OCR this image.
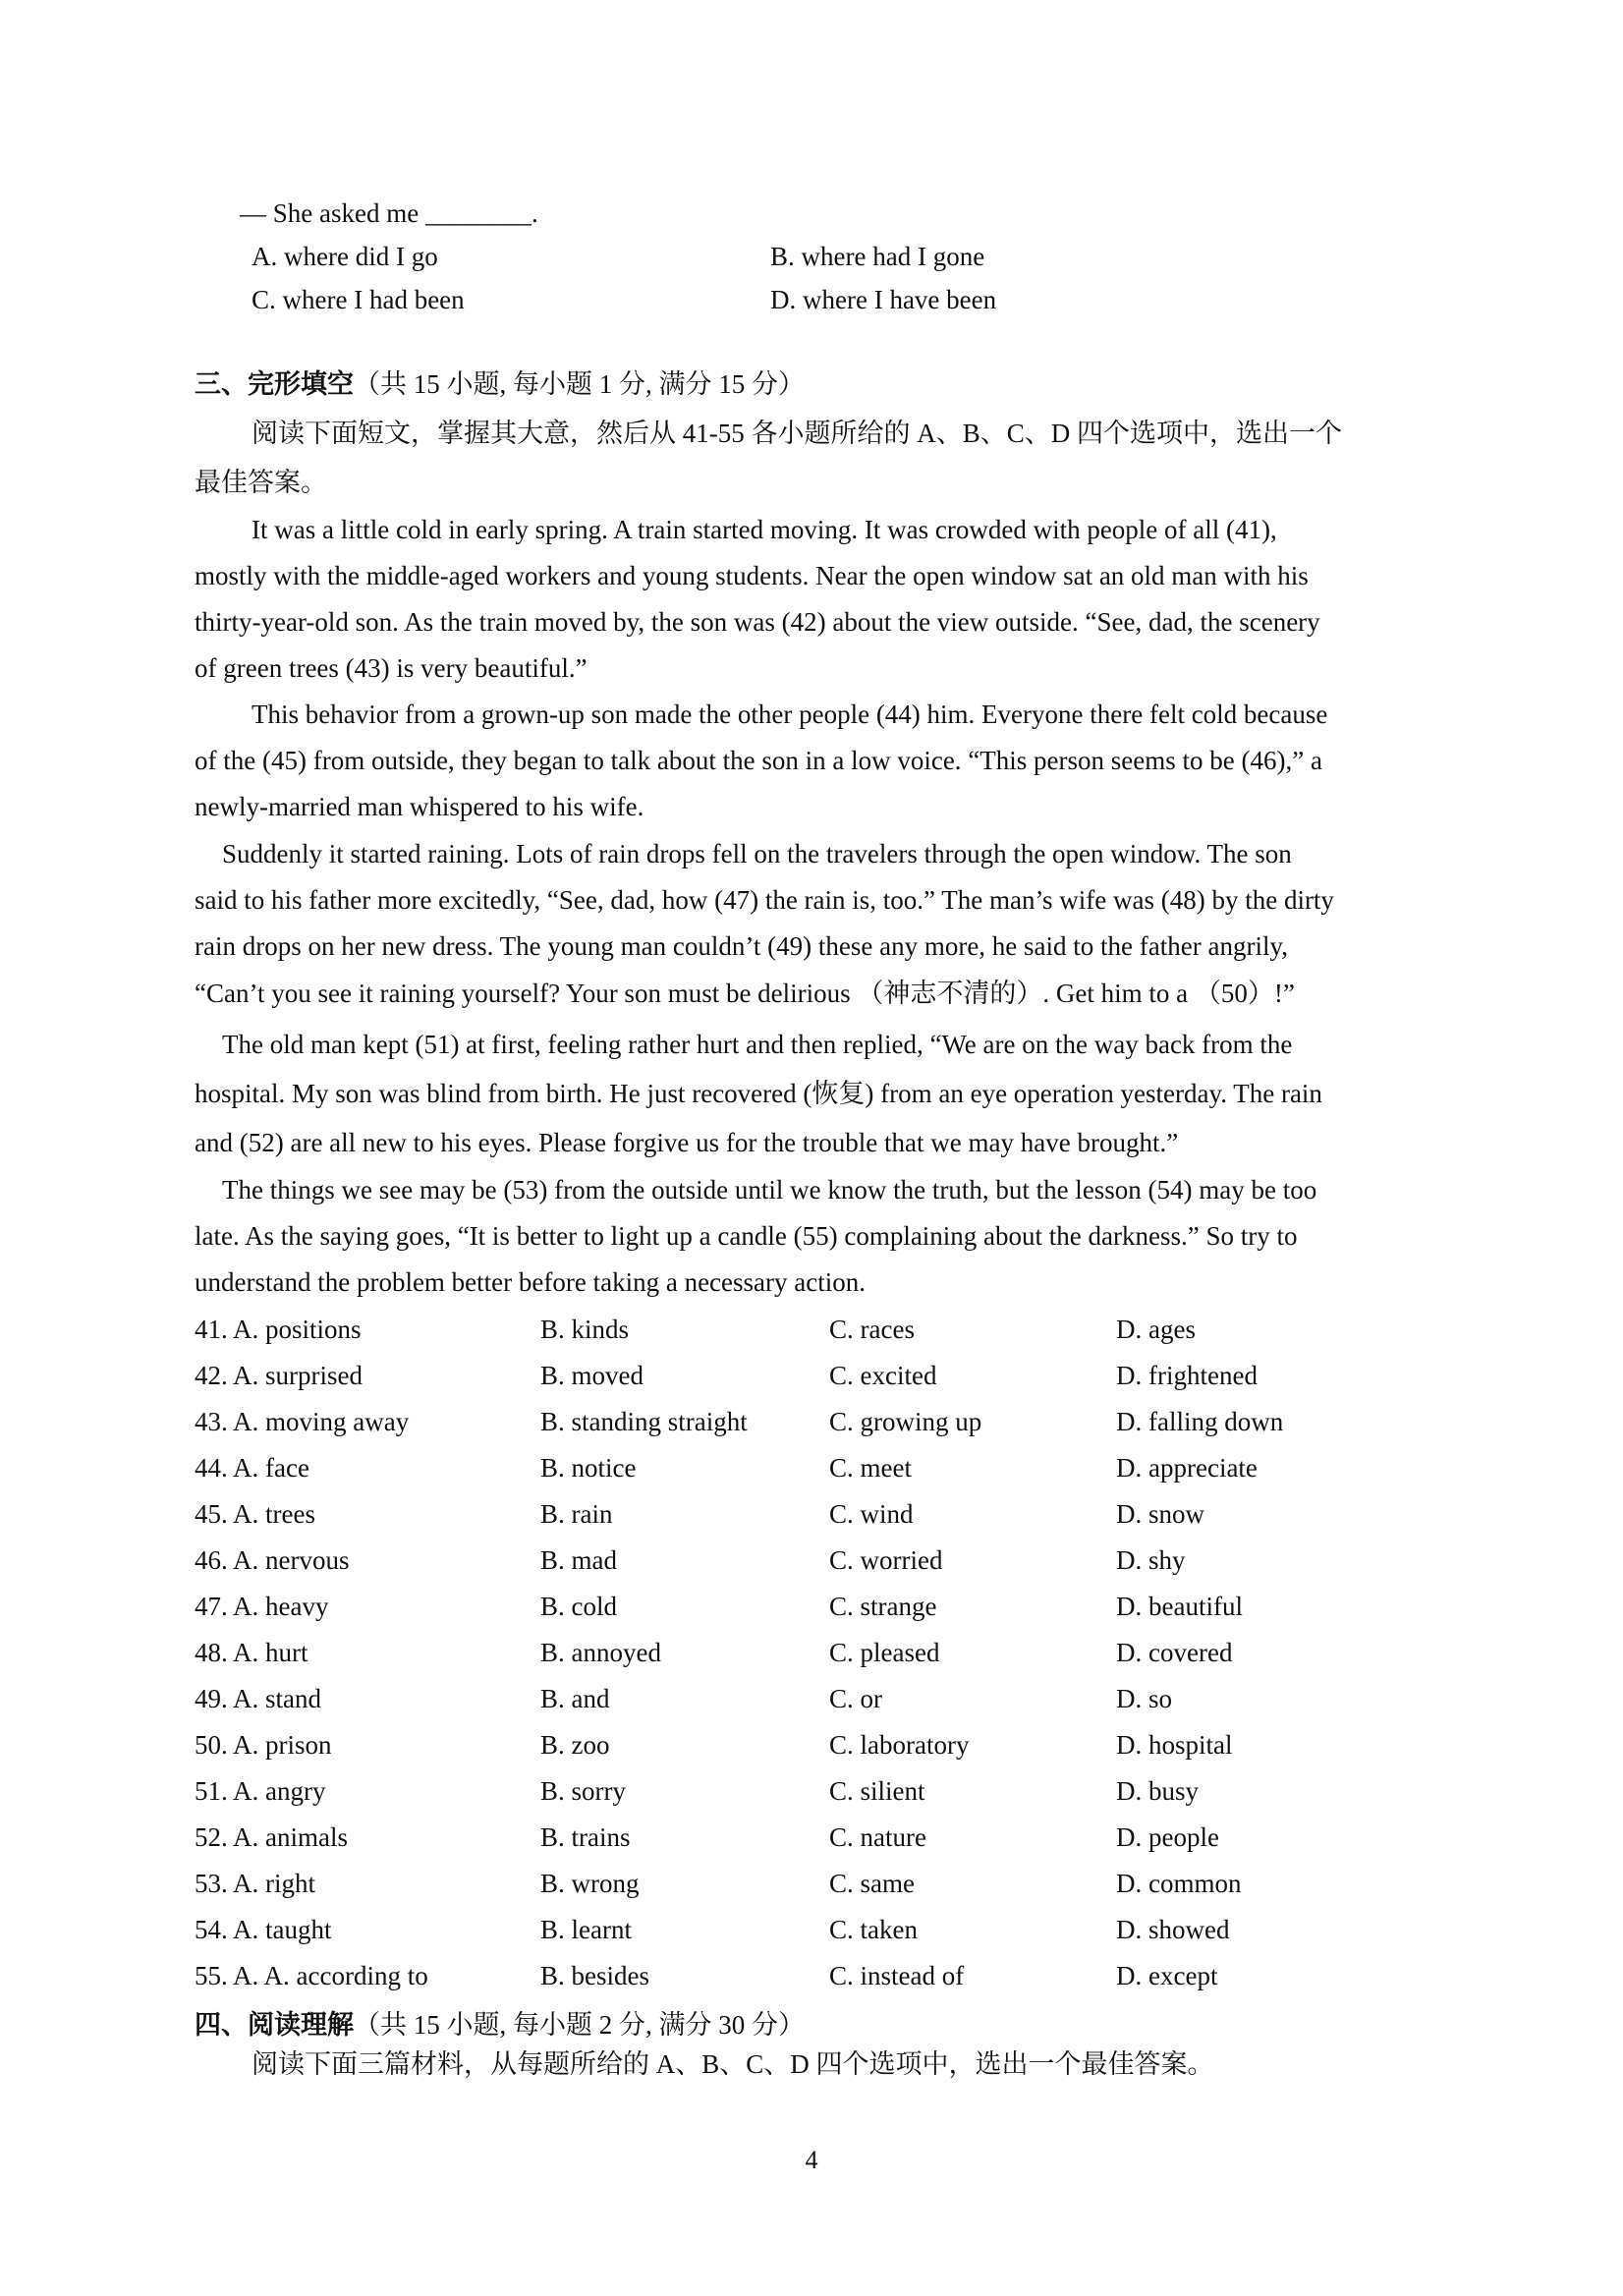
— She asked me ________.
A. where did I go	B. where had I gone
C. where I had been	D. where I have been
三、完形填空（共 15 小题, 每小题 1 分, 满分 15 分）
阅读下面短文，掌握其大意，然后从 41-55 各小题所给的 A、B、C、D 四个选项中，选出一个
最佳答案。
It was a little cold in early spring. A train started moving. It was crowded with people of all (41),
mostly with the middle-aged workers and young students. Near the open window sat an old man with his
thirty-year-old son. As the train moved by, the son was (42) about the view outside. “See, dad, the scenery
of green trees (43) is very beautiful.”
This behavior from a grown-up son made the other people (44) him. Everyone there felt cold because
of the (45) from outside, they began to talk about the son in a low voice. “This person seems to be (46),” a
newly-married man whispered to his wife.
Suddenly it started raining. Lots of rain drops fell on the travelers through the open window. The son
said to his father more excitedly, “See, dad, how (47) the rain is, too.” The man’s wife was (48) by the dirty
rain drops on her new dress. The young man couldn’t (49) these any more, he said to the father angrily,
“Can’t you see it raining yourself? Your son must be delirious （神志不清的）. Get him to a （50）!”
The old man kept (51) at first, feeling rather hurt and then replied, “We are on the way back from the
hospital. My son was blind from birth. He just recovered (恢复) from an eye operation yesterday. The rain
and (52) are all new to his eyes. Please forgive us for the trouble that we may have brought.”
The things we see may be (53) from the outside until we know the truth, but the lesson (54) may be too
late. As the saying goes, “It is better to light up a candle (55) complaining about the darkness.” So try to
understand the problem better before taking a necessary action.
41. A. positions	B. kinds	C. races	D. ages
42. A. surprised	B. moved	C. excited	D. frightened
43. A. moving away	B. standing straight	C. growing up	D. falling down
44. A. face	B. notice	C. meet	D. appreciate
45. A. trees	B. rain	C. wind	D. snow
46. A. nervous	B. mad	C. worried	D. shy
47. A. heavy	B. cold	C. strange	D. beautiful
48. A. hurt	B. annoyed	C. pleased	D. covered
49. A. stand	B. and	C. or	D. so
50. A. prison	B. zoo	C. laboratory	D. hospital
51. A. angry	B. sorry	C. silient	D. busy
52. A. animals	B. trains	C. nature	D. people
53. A. right	B. wrong	C. same	D. common
54. A. taught	B. learnt	C. taken	D. showed
55. A. A. according to	B. besides	C. instead of	D. except
四、阅读理解（共 15 小题, 每小题 2 分, 满分 30 分）
阅读下面三篇材料，从每题所给的 A、B、C、D 四个选项中，选出一个最佳答案。
4
